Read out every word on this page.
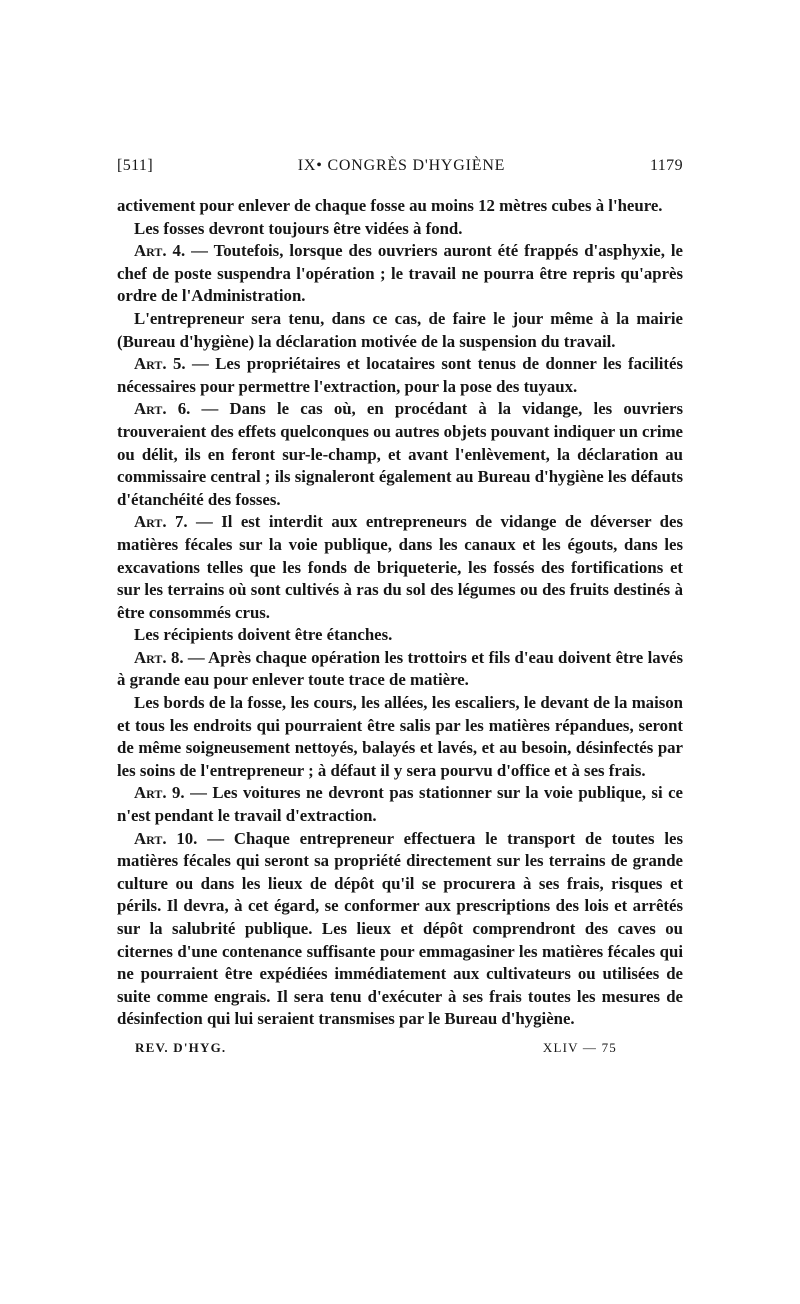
[511]	IX• CONGRÈS D'HYGIÈNE	1179

activement pour enlever de chaque fosse au moins 12 mètres cubes à l'heure.

Les fosses devront toujours être vidées à fond.

Art. 4. — Toutefois, lorsque des ouvriers auront été frappés d'asphyxie, le chef de poste suspendra l'opération ; le travail ne pourra être repris qu'après ordre de l'Administration.

L'entrepreneur sera tenu, dans ce cas, de faire le jour même à la mairie (Bureau d'hygiène) la déclaration motivée de la suspension du travail.

Art. 5. — Les propriétaires et locataires sont tenus de donner les facilités nécessaires pour permettre l'extraction, pour la pose des tuyaux.

Art. 6. — Dans le cas où, en procédant à la vidange, les ouvriers trouveraient des effets quelconques ou autres objets pouvant indiquer un crime ou délit, ils en feront sur-le-champ, et avant l'enlèvement, la déclaration au commissaire central ; ils signaleront également au Bureau d'hygiène les défauts d'étanchéité des fosses.

Art. 7. — Il est interdit aux entrepreneurs de vidange de déverser des matières fécales sur la voie publique, dans les canaux et les égouts, dans les excavations telles que les fonds de briqueterie, les fossés des fortifications et sur les terrains où sont cultivés à ras du sol des légumes ou des fruits destinés à être consommés crus.

Les récipients doivent être étanches.

Art. 8. — Après chaque opération les trottoirs et fils d'eau doivent être lavés à grande eau pour enlever toute trace de matière.

Les bords de la fosse, les cours, les allées, les escaliers, le devant de la maison et tous les endroits qui pourraient être salis par les matières répandues, seront de même soigneusement nettoyés, balayés et lavés, et au besoin, désinfectés par les soins de l'entrepreneur ; à défaut il y sera pourvu d'office et à ses frais.

Art. 9. — Les voitures ne devront pas stationner sur la voie publique, si ce n'est pendant le travail d'extraction.

Art. 10. — Chaque entrepreneur effectuera le transport de toutes les matières fécales qui seront sa propriété directement sur les terrains de grande culture ou dans les lieux de dépôt qu'il se procurera à ses frais, risques et périls. Il devra, à cet égard, se conformer aux prescriptions des lois et arrêtés sur la salubrité publique. Les lieux et dépôt comprendront des caves ou citernes d'une contenance suffisante pour emmagasiner les matières fécales qui ne pourraient être expédiées immédiatement aux cultivateurs ou utilisées de suite comme engrais. Il sera tenu d'exécuter à ses frais toutes les mesures de désinfection qui lui seraient transmises par le Bureau d'hygiène.

REV. D'HYG.	XLIV — 75
